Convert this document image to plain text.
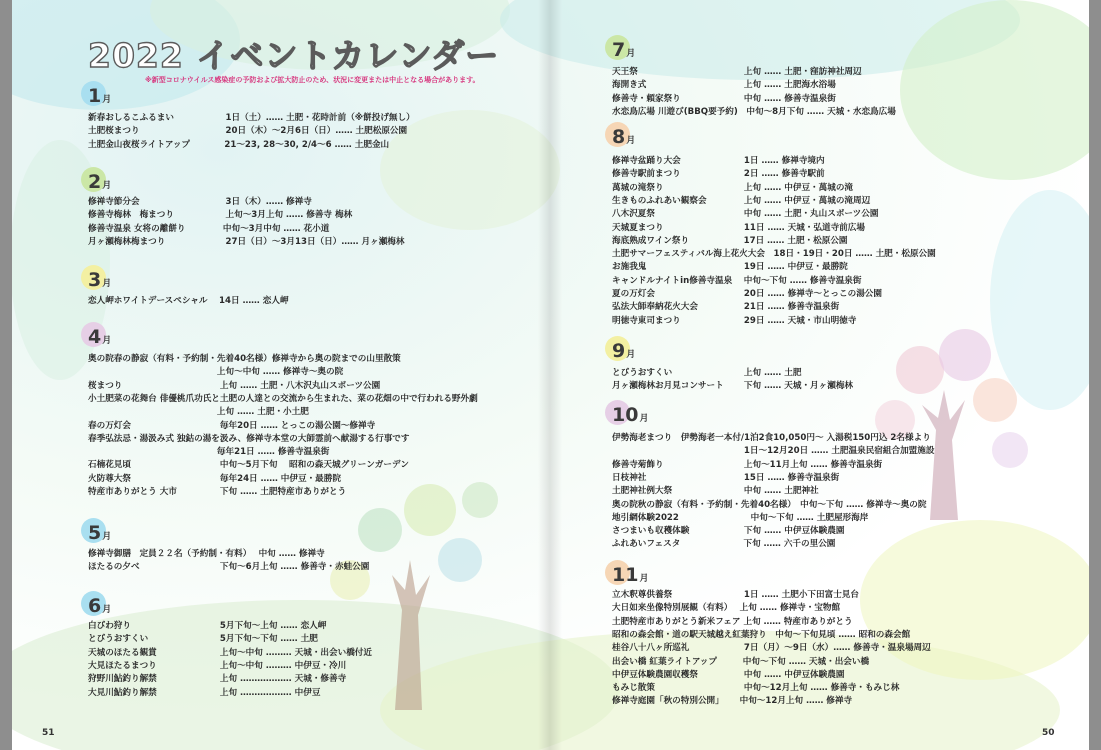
2022 イベントカレンダー
※新型コロナウイルス感染症の予防および拡大防止のため、状況に変更または中止となる場合があります。
1 月
新春おしるこふるまい　　　　　　1日（土）…… 土肥・花時計前（※餅投げ無し）
土肥桜まつり　　　　　　　　　　20日（木）～2月6日（日）…… 土肥松原公園
土肥金山夜桜ライトアップ　　　　21～23, 28～30, 2/4～6 …… 土肥金山
2 月
修禅寺節分会　　　　　　　　　　3日（木）…… 修禅寺
修善寺梅林　梅まつり　　　　　　上旬～3月上旬 …… 修善寺 梅林
修善寺温泉 女将の離餅り　　　　 中旬～3月中旬 …… 花小道
月ヶ瀬梅林梅まつり　　　　　　　27日（日）～3月13日（日）…… 月ヶ瀬梅林
3 月
恋人岬ホワイトデースペシャル　 14日 …… 恋人岬
4 月
奥の院春の静寂（有料・予約制・先着40名様）修禅寺から奥の院までの山里散策
　　　　　　　　　　　　　　　上旬～中旬 …… 修禅寺～奥の院
桜まつり　　　　　　　　　　　 上旬 …… 土肥・八木沢丸山スポーツ公園
小土肥菜の花舞台 俳優桃爪功氏と土肥の人達との交流から生まれた、菜の花畑の中で行われる野外劇
　　　　　　　　　　　　　　　上旬 …… 土肥・小土肥
春の万灯会　　　　　　　　　　 毎年20日 …… とっこの湯公園～修禅寺
春季弘法忌・湯汲み式 独鈷の湯を汲み、修禅寺本堂の大師霊前へ献湯する行事です
　　　　　　　　　　　　　　　毎年21日 …… 修善寺温泉街
石楠花見頃　　　　　　　　　　 中旬～5月下旬　 昭和の森天城グリーンガーデン
火防尊大祭　　　　　　　　　　 毎年24日 …… 中伊豆・最勝院
特産市ありがとう 大市　　　　　下旬 …… 土肥特産市ありがとう
5 月
修禅寺御膳　定員２２名（予約制・有料）　 中旬 …… 修禅寺
ほたるの夕べ　　　　　　　　　 下旬～6月上旬 …… 修善寺・赤蛙公園
6 月
白びわ狩り　　　　　　　　　　 5月下旬～上旬 …… 恋人岬
とびうおすくい　　　　　　　　 5月下旬～下旬 …… 土肥
天城のほたる観賞　　　　　　　 上旬～中旬 ……… 天城・出会い橋付近
大見ほたるまつり　　　　　　　 上旬～中旬 ……… 中伊豆・冷川
狩野川鮎釣り解禁　　　　　　　 上旬 ……………… 天城・修善寺
大見川鮎釣り解禁　　　　　　　 上旬 ……………… 中伊豆
7 月
天王祭　　　　　　　　　　　　 上旬 …… 土肥・窪訪神社周辺
海開き式　　　　　　　　　　　 上旬 …… 土肥海水浴場
修善寺・頼家祭り　　　　　　　 中旬 …… 修善寺温泉街
水恋鳥広場 川遊び(BBQ要予約)　中旬～8月下旬 …… 天城・水恋鳥広場
8 月
修禅寺盆踊り大会　　　　　　　 1日 …… 修禅寺境内
修善寺駅前まつり　　　　　　　 2日 …… 修善寺駅前
萬城の滝祭り　　　　　　　　　 上旬 …… 中伊豆・萬城の滝
生きものふれあい観察会　　　　 上旬 …… 中伊豆・萬城の滝周辺
八木沢夏祭　　　　　　　　　　 中旬 …… 土肥・丸山スポーツ公園
天城夏まつり　　　　　　　　　 11日 …… 天城・弘道寺前広場
海底熟成ワイン祭り　　　　　　 17日 …… 土肥・松原公園
土肥サマーフェスティバル海上花火大会　18日・19日・20日 …… 土肥・松原公園
お施我鬼　　　　　　　　　　　 19日 …… 中伊豆・最勝院
キャンドルナイトin修善寺温泉　 中旬～下旬 …… 修善寺温泉街
夏の万灯会　　　　　　　　　　 20日 …… 修禅寺～とっこの湯公園
弘法大師奉納花火大会　　　　　 21日 …… 修善寺温泉街
明徳寺東司まつり　　　　　　　 29日 …… 天城・市山明徳寺
9 月
とびうおすくい　　　　　　　　 上旬 …… 土肥
月ヶ瀬梅林お月見コンサート　　 下旬 …… 天城・月ヶ瀬梅林
10 月
伊勢海老まつり　伊勢海老一本付/1泊2食10,050円～ 入湯税150円込 2名様より
　　　　　　　　　　　　　　　 1日～12月20日 …… 土肥温泉民宿組合加盟施設
修善寺菊飾り　　　　　　　　　 上旬～11月上旬 …… 修善寺温泉街
日枝神社　　　　　　　　　　　 15日 …… 修善寺温泉街
土肥神社例大祭　　　　　　　　 中旬 …… 土肥神社
奥の院秋の静寂（有料・予約制・先着40名様）　中旬～下旬 …… 修禅寺～奥の院
地引網体験2022　　　　　　　　 中旬～下旬 …… 土肥屋形海岸
さつまいも収穫体験　　　　　　 下旬 …… 中伊豆体験農園
ふれあいフェスタ　　　　　　　 下旬 …… 六千の里公園
11 月
立木釈尊供養祭　　　　　　　　 1日 …… 土肥小下田富士見台
大日如来坐像特別展観（有料）　 上旬 …… 修禅寺・宝物館
土肥特産市ありがとう新米フェア 上旬 …… 特産市ありがとう
昭和の森会館・道の駅天城越え紅葉狩り　中旬～下旬見頃 …… 昭和の森会館
桂谷八十八ヶ所巡礼　　　　　　 7日（月）～9日（水）…… 修善寺・温泉場周辺
出会い橋 紅葉ライトアップ　　　中旬～下旬 …… 天城・出会い橋
中伊豆体験農園収穫祭　　　　　 中旬 …… 中伊豆体験農園
もみじ散策　　　　　　　　　　 中旬～12月上旬 …… 修善寺・もみじ林
修禅寺庭園「秋の特別公開」　　 中旬～12月上旬 …… 修禅寺
51	50
